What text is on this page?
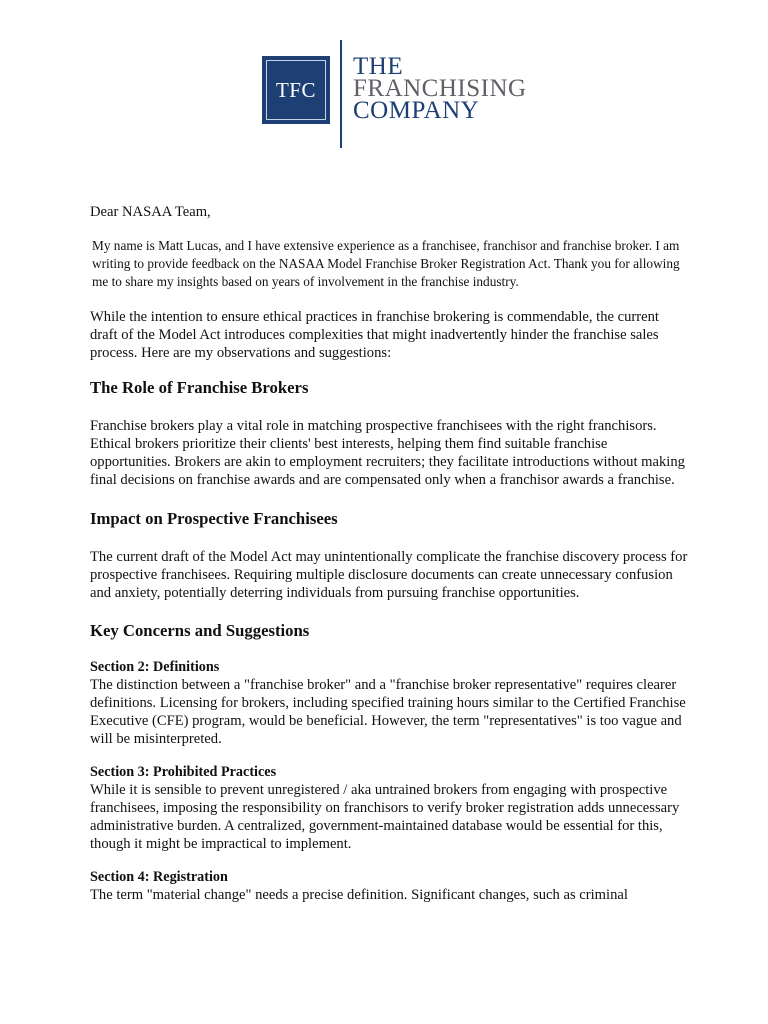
TFC
THE
FRANCHISING
COMPANY

Dear NASAA Team,

My name is Matt Lucas, and I have extensive experience as a franchisee, franchisor and franchise broker. I am writing to provide feedback on the NASAA Model Franchise Broker Registration Act. Thank you for allowing me to share my insights based on years of involvement in the franchise industry.

While the intention to ensure ethical practices in franchise brokering is commendable, the current draft of the Model Act introduces complexities that might inadvertently hinder the franchise sales process. Here are my observations and suggestions:

The Role of Franchise Brokers

Franchise brokers play a vital role in matching prospective franchisees with the right franchisors. Ethical brokers prioritize their clients' best interests, helping them find suitable franchise opportunities. Brokers are akin to employment recruiters; they facilitate introductions without making final decisions on franchise awards and are compensated only when a franchisor awards a franchise.

Impact on Prospective Franchisees

The current draft of the Model Act may unintentionally complicate the franchise discovery process for prospective franchisees. Requiring multiple disclosure documents can create unnecessary confusion and anxiety, potentially deterring individuals from pursuing franchise opportunities.

Key Concerns and Suggestions
Section 2: Definitions

The distinction between a "franchise broker" and a "franchise broker representative" requires clearer definitions. Licensing for brokers, including specified training hours similar to the Certified Franchise Executive (CFE) program, would be beneficial. However, the term "representatives" is too vague and will be misinterpreted.

Section 3: Prohibited Practices

While it is sensible to prevent unregistered / aka untrained brokers from engaging with prospective franchisees, imposing the responsibility on franchisors to verify broker registration adds unnecessary administrative burden. A centralized, government-maintained database would be essential for this, though it might be impractical to implement.

Section 4: Registration

The term "material change" needs a precise definition. Significant changes, such as criminal
